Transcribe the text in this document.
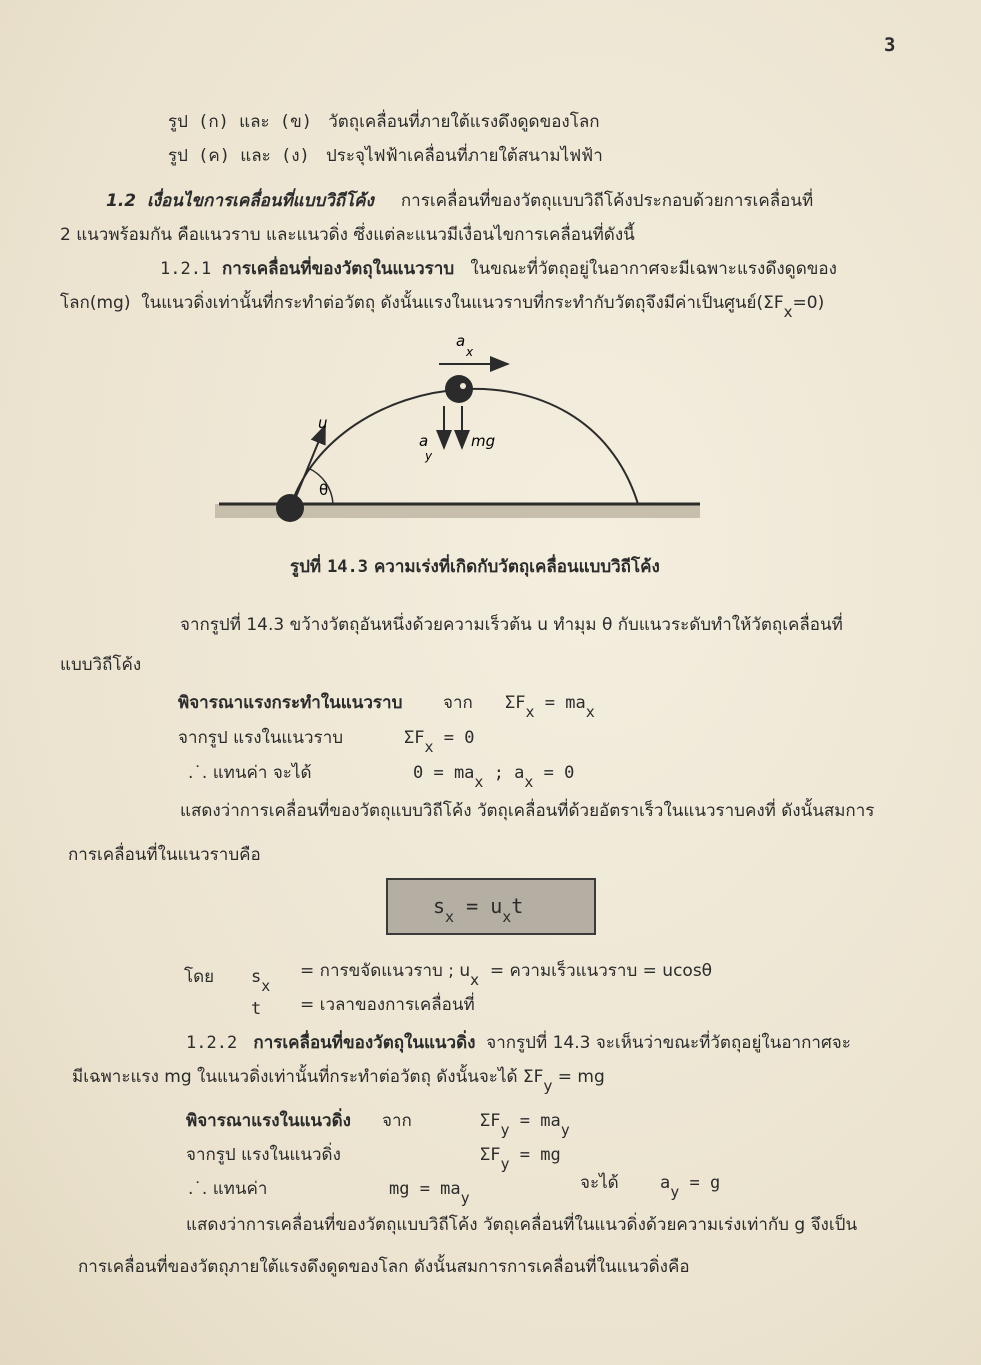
3
รูป (ก) และ (ข) วัตถุเคลื่อนที่ภายใต้แรงดึงดูดของโลก
รูป (ค) และ (ง) ประจุไฟฟ้าเคลื่อนที่ภายใต้สนามไฟฟ้า
1.2 เงื่อนไขการเคลื่อนที่แบบวิถีโค้ง การเคลื่อนที่ของวัตถุแบบวิถีโค้งประกอบด้วยการเคลื่อนที่
2 แนวพร้อมกัน คือแนวราบ และแนวดิ่ง ซึ่งแต่ละแนวมีเงื่อนไขการเคลื่อนที่ดังนี้
1.2.1 การเคลื่อนที่ของวัตถุในแนวราบ ในขณะที่วัตถุอยู่ในอากาศจะมีเฉพาะแรงดึงดูดของ
โลก(mg) ในแนวดิ่งเท่านั้นที่กระทำต่อวัตถุ ดังนั้นแรงในแนวราบที่กระทำกับวัตถุจึงมีค่าเป็นศูนย์(ΣFx=0)
a
x
u
a
y
mg
θ
รูปที่ 14.3 ความเร่งที่เกิดกับวัตถุเคลื่อนแบบวิถีโค้ง
จากรูปที่ 14.3 ขว้างวัตถุอันหนึ่งด้วยความเร็วต้น u ทำมุม θ กับแนวระดับทำให้วัตถุเคลื่อนที่
แบบวิถีโค้ง
พิจารณาแรงกระทำในแนวราบ จาก ΣFx = max
จากรูป แรงในแนวราบ	ΣFx = 0
.˙. แทนค่า จะได้	0 = max ; ax = 0
แสดงว่าการเคลื่อนที่ของวัตถุแบบวิถีโค้ง วัตถุเคลื่อนที่ด้วยอัตราเร็วในแนวราบคงที่ ดังนั้นสมการ
การเคลื่อนที่ในแนวราบคือ
$s_x = u_xt$
โดย sx
= การขจัดแนวราบ ; ux = ความเร็วแนวราบ = ucosθ
t = เวลาของการเคลื่อนที่
1.2.2 การเคลื่อนที่ของวัตถุในแนวดิ่ง จากรูปที่ 14.3 จะเห็นว่าขณะที่วัตถุอยู่ในอากาศจะ
มีเฉพาะแรง mg ในแนวดิ่งเท่านั้นที่กระทำต่อวัตถุ ดังนั้นจะได้ ΣFy = mg
พิจารณาแรงในแนวดิ่ง จาก	ΣFy = may
จากรูป แรงในแนวดิ่ง	ΣFy = mg
.˙. แทนค่า	mg = may
จะได้ ay = g
แสดงว่าการเคลื่อนที่ของวัตถุแบบวิถีโค้ง วัตถุเคลื่อนที่ในแนวดิ่งด้วยความเร่งเท่ากับ g จึงเป็น
การเคลื่อนที่ของวัตถุภายใต้แรงดึงดูดของโลก ดังนั้นสมการการเคลื่อนที่ในแนวดิ่งคือ
